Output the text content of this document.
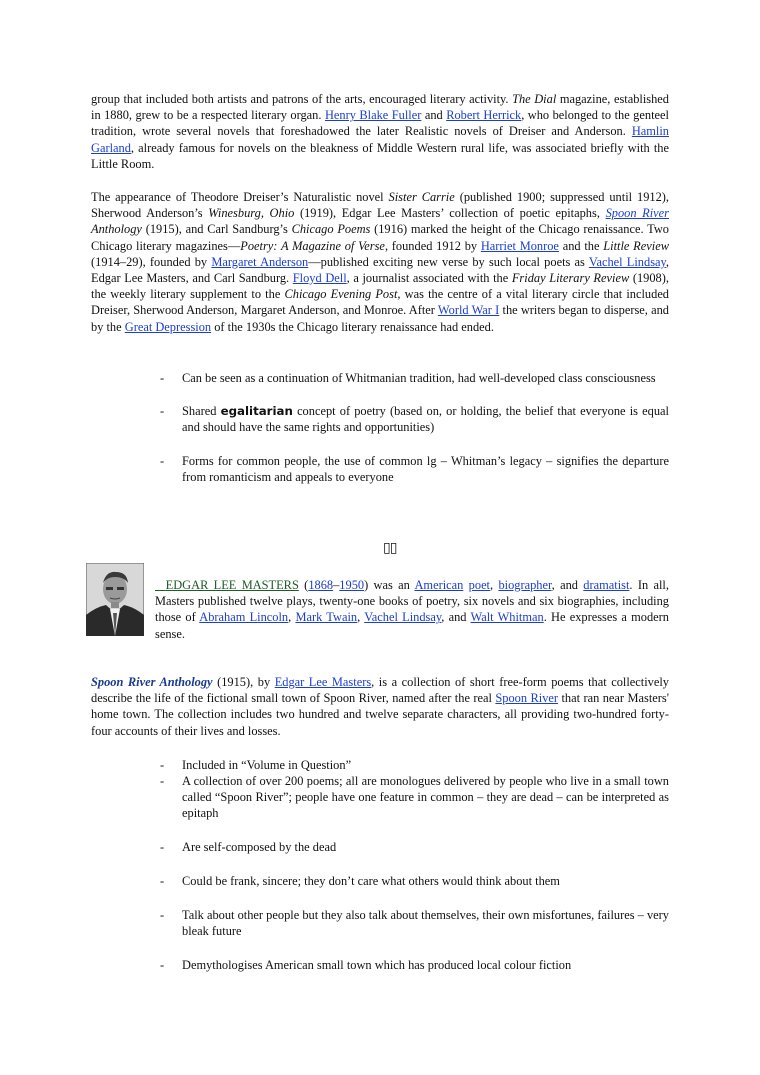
group that included both artists and patrons of the arts, encouraged literary activity. The Dial magazine, established in 1880, grew to be a respected literary organ. Henry Blake Fuller and Robert Herrick, who belonged to the genteel tradition, wrote several novels that foreshadowed the later Realistic novels of Dreiser and Anderson. Hamlin Garland, already famous for novels on the bleakness of Middle Western rural life, was associated briefly with the Little Room.

The appearance of Theodore Dreiser’s Naturalistic novel Sister Carrie (published 1900; suppressed until 1912), Sherwood Anderson’s Winesburg, Ohio (1919), Edgar Lee Masters’ collection of poetic epitaphs, Spoon River Anthology (1915), and Carl Sandburg’s Chicago Poems (1916) marked the height of the Chicago renaissance. Two Chicago literary magazines—Poetry: A Magazine of Verse, founded 1912 by Harriet Monroe and the Little Review (1914–29), founded by Margaret Anderson—published exciting new verse by such local poets as Vachel Lindsay, Edgar Lee Masters, and Carl Sandburg. Floyd Dell, a journalist associated with the Friday Literary Review (1908), the weekly literary supplement to the Chicago Evening Post, was the centre of a vital literary circle that included Dreiser, Sherwood Anderson, Margaret Anderson, and Monroe. After World War I the writers began to disperse, and by the Great Depression of the 1930s the Chicago literary renaissance had ended.

- Can be seen as a continuation of Whitmanian tradition, had well-developed class consciousness
- Shared egalitarian concept of poetry (based on, or holding, the belief that everyone is equal and should have the same rights and opportunities)
- Forms for common people, the use of common lg – Whitman’s legacy – signifies the departure from romanticism and appeals to everyone
▯▯

EDGAR LEE MASTERS (1868–1950) was an American poet, biographer, and dramatist. In all, Masters published twelve plays, twenty-one books of poetry, six novels and six biographies, including those of Abraham Lincoln, Mark Twain, Vachel Lindsay, and Walt Whitman. He expresses a modern sense.

Spoon River Anthology (1915), by Edgar Lee Masters, is a collection of short free-form poems that collectively describe the life of the fictional small town of Spoon River, named after the real Spoon River that ran near Masters' home town. The collection includes two hundred and twelve separate characters, all providing two-hundred forty-four accounts of their lives and losses.

- Included in “Volume in Question”
- A collection of over 200 poems; all are monologues delivered by people who live in a small town called “Spoon River”; people have one feature in common – they are dead – can be interpreted as epitaph
- Are self-composed by the dead
- Could be frank, sincere; they don’t care what others would think about them
- Talk about other people but they also talk about themselves, their own misfortunes, failures – very bleak future
- Demythologises American small town which has produced local colour fiction
